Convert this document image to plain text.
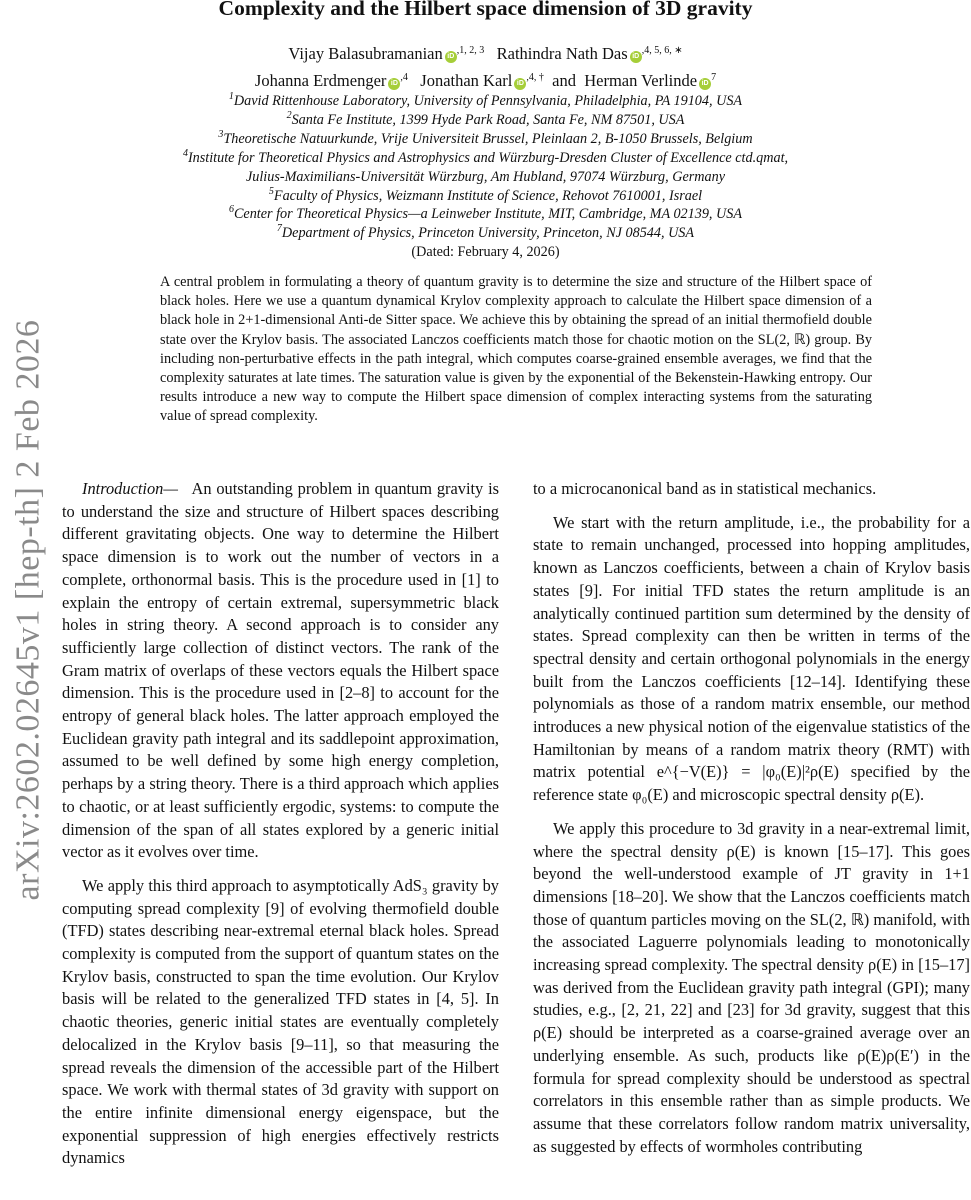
arXiv:2602.02645v1 [hep-th] 2 Feb 2026
Complexity and the Hilbert space dimension of 3D gravity
Vijay Balasubramanian $iD^{,1, 2, 3}$ Rathindra Nath Das $iD^{,4, 5, 6, ∗}$
Johanna Erdmenger $iD^{,4}$ Jonathan Karl $iD^{,4, \dagger}$ and Herman Verlinde $iD^7$
$^1$David Rittenhouse Laboratory, University of Pennsylvania, Philadelphia, PA 19104, USA
$^2$Santa Fe Institute, 1399 Hyde Park Road, Santa Fe, NM 87501, USA
$^3$Theoretische Natuurkunde, Vrije Universiteit Brussel, Pleinlaan 2, B-1050 Brussels, Belgium
$^4$Institute for Theoretical Physics and Astrophysics and Würzburg-Dresden Cluster of Excellence ctd.qmat,
Julius-Maximilians-Universität Würzburg, Am Hubland, 97074 Würzburg, Germany
$^5$Faculty of Physics, Weizmann Institute of Science, Rehovot 7610001, Israel
$^6$Center for Theoretical Physics—a Leinweber Institute, MIT, Cambridge, MA 02139, USA
$^7$Department of Physics, Princeton University, Princeton, NJ 08544, USA
(Dated: February 4, 2026)

A central problem in formulating a theory of quantum gravity is to determine the size and structure of the Hilbert space of black holes. Here we use a quantum dynamical Krylov complexity approach to calculate the Hilbert space dimension of a black hole in 2+1-dimensional Anti-de Sitter space. We achieve this by obtaining the spread of an initial thermofield double state over the Krylov basis. The associated Lanczos coefficients match those for chaotic motion on the SL(2, ℝ) group. By including non-perturbative effects in the path integral, which computes coarse-grained ensemble averages, we find that the complexity saturates at late times. The saturation value is given by the exponential of the Bekenstein-Hawking entropy. Our results introduce a new way to compute the Hilbert space dimension of complex interacting systems from the saturating value of spread complexity.

Introduction— An outstanding problem in quantum gravity is to understand the size and structure of Hilbert spaces describing different gravitating objects. One way to determine the Hilbert space dimension is to work out the number of vectors in a complete, orthonormal basis. This is the procedure used in [1] to explain the entropy of certain extremal, supersymmetric black holes in string theory. A second approach is to consider any sufficiently large collection of distinct vectors. The rank of the Gram matrix of overlaps of these vectors equals the Hilbert space dimension. This is the procedure used in [2–8] to account for the entropy of general black holes. The latter approach employed the Euclidean gravity path integral and its saddlepoint approximation, assumed to be well defined by some high energy completion, perhaps by a string theory. There is a third approach which applies to chaotic, or at least sufficiently ergodic, systems: to compute the dimension of the span of all states explored by a generic initial vector as it evolves over time.

We apply this third approach to asymptotically AdS₃ gravity by computing spread complexity [9] of evolving thermofield double (TFD) states describing near-extremal eternal black holes. Spread complexity is computed from the support of quantum states on the Krylov basis, constructed to span the time evolution. Our Krylov basis will be related to the generalized TFD states in [4, 5]. In chaotic theories, generic initial states are eventually completely delocalized in the Krylov basis [9–11], so that measuring the spread reveals the dimension of the accessible part of the Hilbert space. We work with thermal states of 3d gravity with support on the entire infinite dimensional energy eigenspace, but the exponential suppression of high energies effectively restricts dynamics

to a microcanonical band as in statistical mechanics.

We start with the return amplitude, i.e., the probability for a state to remain unchanged, processed into hopping amplitudes, known as Lanczos coefficients, between a chain of Krylov basis states [9]. For initial TFD states the return amplitude is an analytically continued partition sum determined by the density of states. Spread complexity can then be written in terms of the spectral density and certain orthogonal polynomials in the energy built from the Lanczos coefficients [12–14]. Identifying these polynomials as those of a random matrix ensemble, our method introduces a new physical notion of the eigenvalue statistics of the Hamiltonian by means of a random matrix theory (RMT) with matrix potential e^{−V(E)} = |φ₀(E)|²ρ(E) specified by the reference state φ₀(E) and microscopic spectral density ρ(E).

We apply this procedure to 3d gravity in a near-extremal limit, where the spectral density ρ(E) is known [15–17]. This goes beyond the well-understood example of JT gravity in 1+1 dimensions [18–20]. We show that the Lanczos coefficients match those of quantum particles moving on the SL(2, ℝ) manifold, with the associated Laguerre polynomials leading to monotonically increasing spread complexity. The spectral density ρ(E) in [15–17] was derived from the Euclidean gravity path integral (GPI); many studies, e.g., [2, 21, 22] and [23] for 3d gravity, suggest that this ρ(E) should be interpreted as a coarse-grained average over an underlying ensemble. As such, products like ρ(E)ρ(E′) in the formula for spread complexity should be understood as spectral correlators in this ensemble rather than as simple products. We assume that these correlators follow random matrix universality, as suggested by effects of wormholes contributing
